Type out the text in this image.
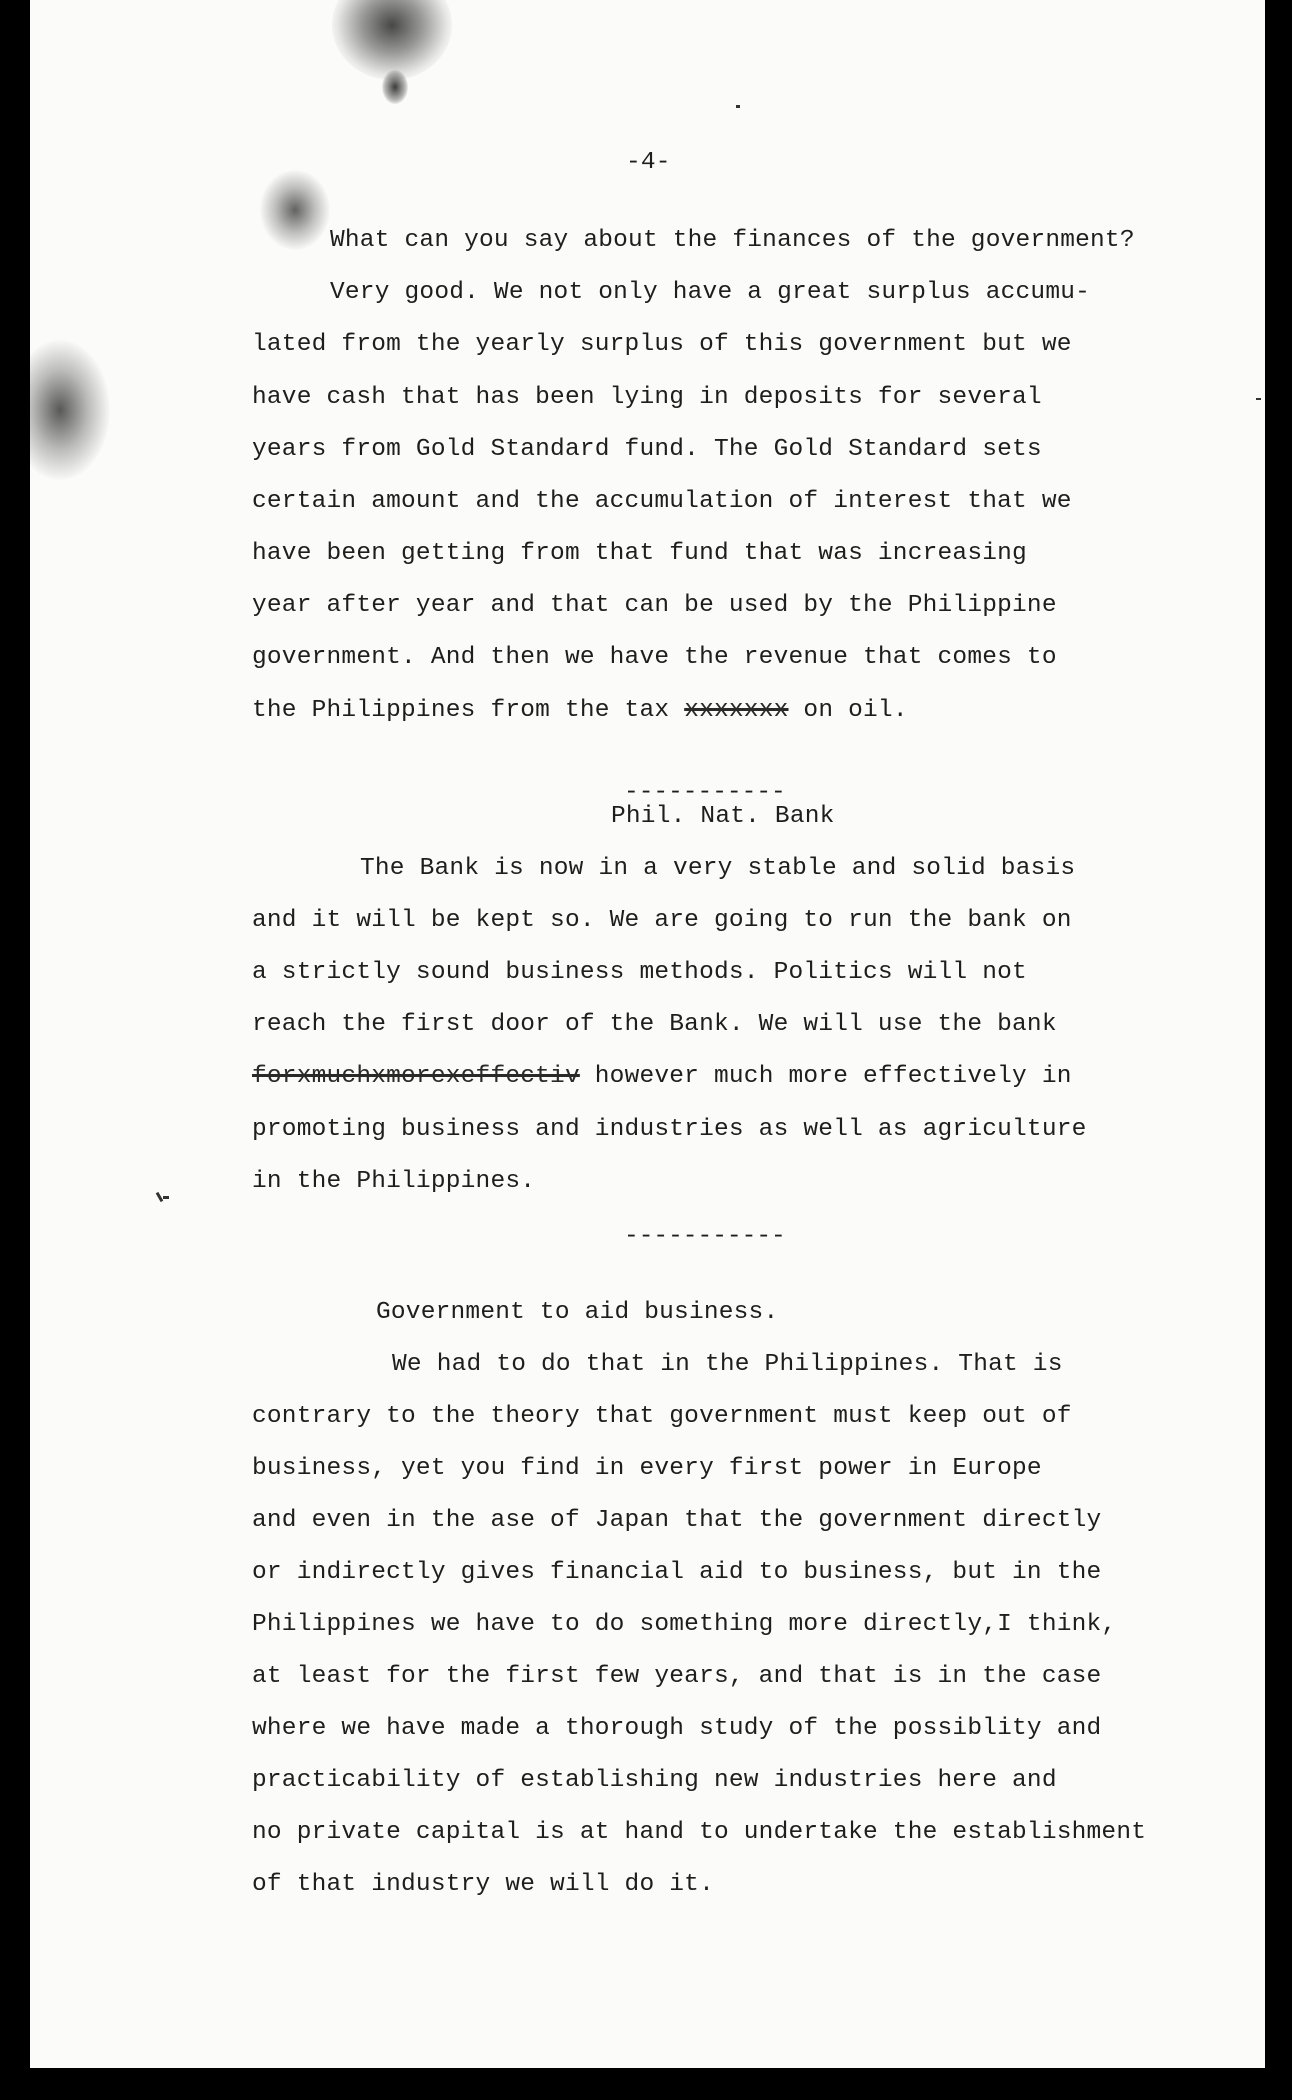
-4-
What can you say about the finances of the government?
Very good. We not only have a great surplus accumu-
lated from the yearly surplus of this government but we
have cash that has been lying in deposits for several
years from Gold Standard fund. The Gold Standard sets
certain amount and the accumulation of interest that we
have been getting from that fund that was increasing
year after year and that can be used by the Philippine
government. And then we have the revenue that comes to
the Philippines from the tax xxxxxxx on oil.
-----------
Phil. Nat. Bank
The Bank is now in a very stable and solid basis
and it will be kept so. We are going to run the bank on
a strictly sound business methods. Politics will not
reach the first door of the Bank. We will use the bank
forxmuchxmorexeffectiv however much more effectively in
promoting business and industries as well as agriculture
in the Philippines.
-----------
Government to aid business.
We had to do that in the Philippines. That is
contrary to the theory that government must keep out of
business, yet you find in every first power in Europe
and even in the ase of Japan that the government directly
or indirectly gives financial aid to business, but in the
Philippines we have to do something more directly,I think,
at least for the first few years, and that is in the case
where we have made a thorough study of the possiblity and
practicability of establishing new industries here and
no private capital is at hand to undertake the establishment
of that industry we will do it.
